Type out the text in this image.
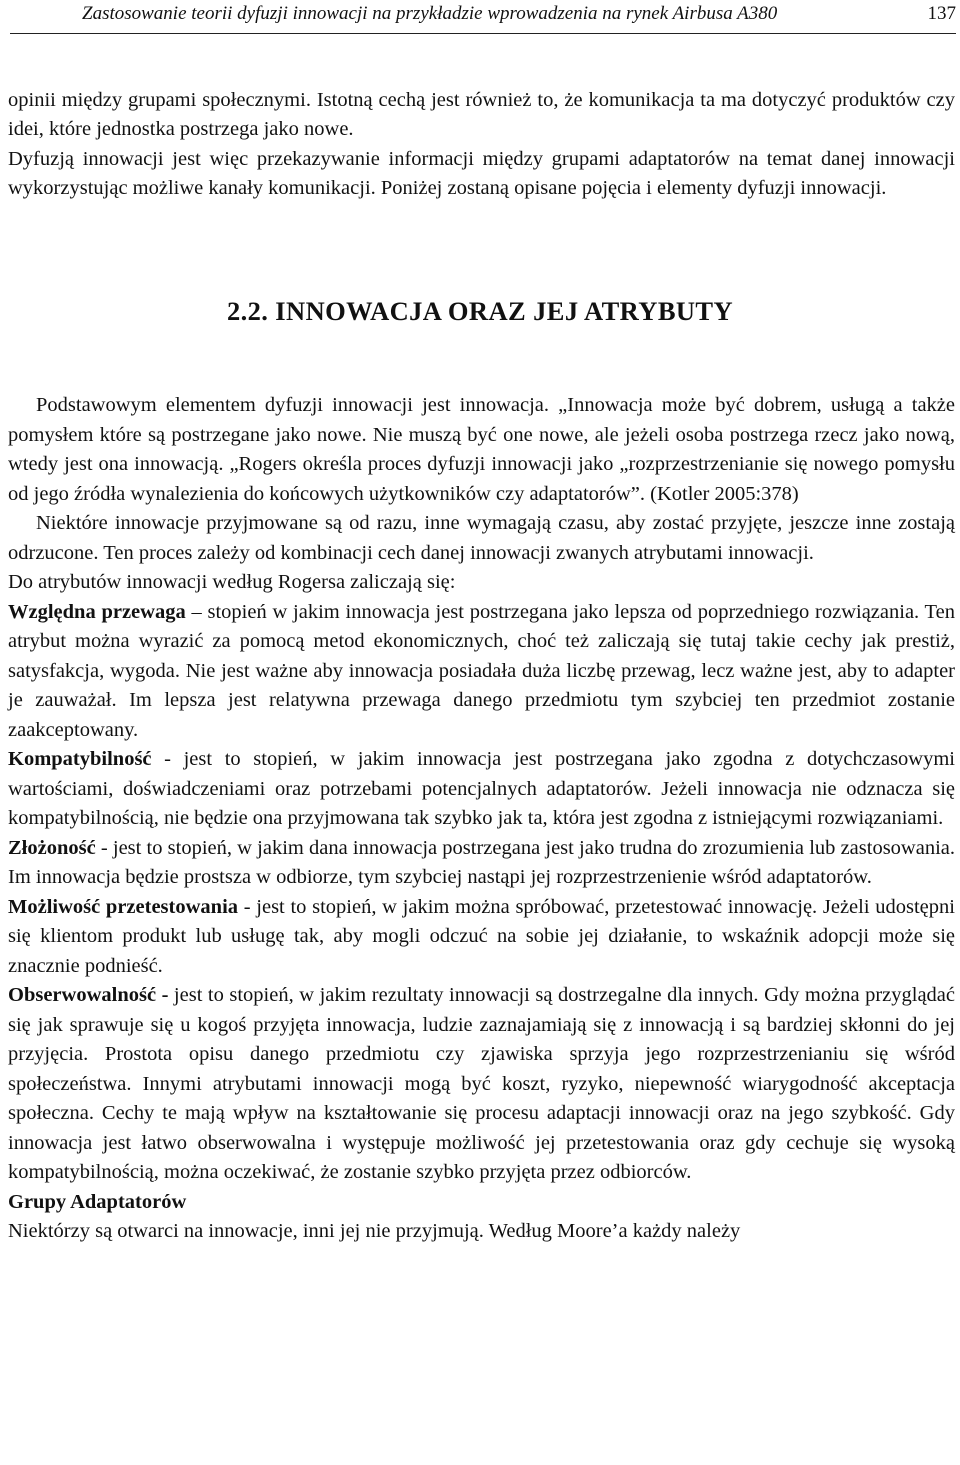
Zastosowanie teorii dyfuzji innowacji na przykładzie wprowadzenia na rynek Airbusa A380	137

opinii między grupami społecznymi. Istotną cechą jest również to, że komunikacja ta ma dotyczyć produktów czy idei, które jednostka postrzega jako nowe.

Dyfuzją innowacji jest więc przekazywanie informacji między grupami adaptatorów na temat danej innowacji wykorzystując możliwe kanały komunikacji. Poniżej zostaną opisane pojęcia i elementy dyfuzji innowacji.

2.2. INNOWACJA ORAZ JEJ ATRYBUTY

Podstawowym elementem dyfuzji innowacji jest innowacja. „Innowacja może być dobrem, usługą a także pomysłem które są postrzegane jako nowe. Nie muszą być one nowe, ale jeżeli osoba postrzega rzecz jako nową, wtedy jest ona innowacją. „Rogers określa proces dyfuzji innowacji jako „rozprzestrzenianie się nowego pomysłu od jego źródła wynalezienia do końcowych użytkowników czy adaptatorów”. (Kotler 2005:378)

Niektóre innowacje przyjmowane są od razu, inne wymagają czasu, aby zostać przyjęte, jeszcze inne zostają odrzucone. Ten proces zależy od kombinacji cech danej innowacji zwanych atrybutami innowacji.

Do atrybutów innowacji według Rogersa zaliczają się:

Względna przewaga – stopień w jakim innowacja jest postrzegana jako lepsza od poprzedniego rozwiązania. Ten atrybut można wyrazić za pomocą metod ekonomicznych, choć też zaliczają się tutaj takie cechy jak prestiż, satysfakcja, wygoda. Nie jest ważne aby innowacja posiadała duża liczbę przewag, lecz ważne jest, aby to adapter je zauważał. Im lepsza jest relatywna przewaga danego przedmiotu tym szybciej ten przedmiot zostanie zaakceptowany.

Kompatybilność - jest to stopień, w jakim innowacja jest postrzegana jako zgodna z dotychczasowymi wartościami, doświadczeniami oraz potrzebami potencjalnych adaptatorów. Jeżeli innowacja nie odznacza się kompatybilnością, nie będzie ona przyjmowana tak szybko jak ta, która jest zgodna z istniejącymi rozwiązaniami.

Złożoność - jest to stopień, w jakim dana innowacja postrzegana jest jako trudna do zrozumienia lub zastosowania. Im innowacja będzie prostsza w odbiorze, tym szybciej nastąpi jej rozprzestrzenienie wśród adaptatorów.

Możliwość przetestowania - jest to stopień, w jakim można spróbować, przetestować innowację. Jeżeli udostępni się klientom produkt lub usługę tak, aby mogli odczuć na sobie jej działanie, to wskaźnik adopcji może się znacznie podnieść.

Obserwowalność - jest to stopień, w jakim rezultaty innowacji są dostrzegalne dla innych. Gdy można przyglądać się jak sprawuje się u kogoś przyjęta innowacja, ludzie zaznajamiają się z innowacją i są bardziej skłonni do jej przyjęcia. Prostota opisu danego przedmiotu czy zjawiska sprzyja jego rozprzestrzenianiu się wśród społeczeństwa. Innymi atrybutami innowacji mogą być koszt, ryzyko, niepewność wiarygodność akceptacja społeczna. Cechy te mają wpływ na kształtowanie się procesu adaptacji innowacji oraz na jego szybkość. Gdy innowacja jest łatwo obserwowalna i występuje możliwość jej przetestowania oraz gdy cechuje się wysoką kompatybilnością, można oczekiwać, że zostanie szybko przyjęta przez odbiorców.

Grupy Adaptatorów

Niektórzy są otwarci na innowacje, inni jej nie przyjmują. Według Moore’a każdy należy
